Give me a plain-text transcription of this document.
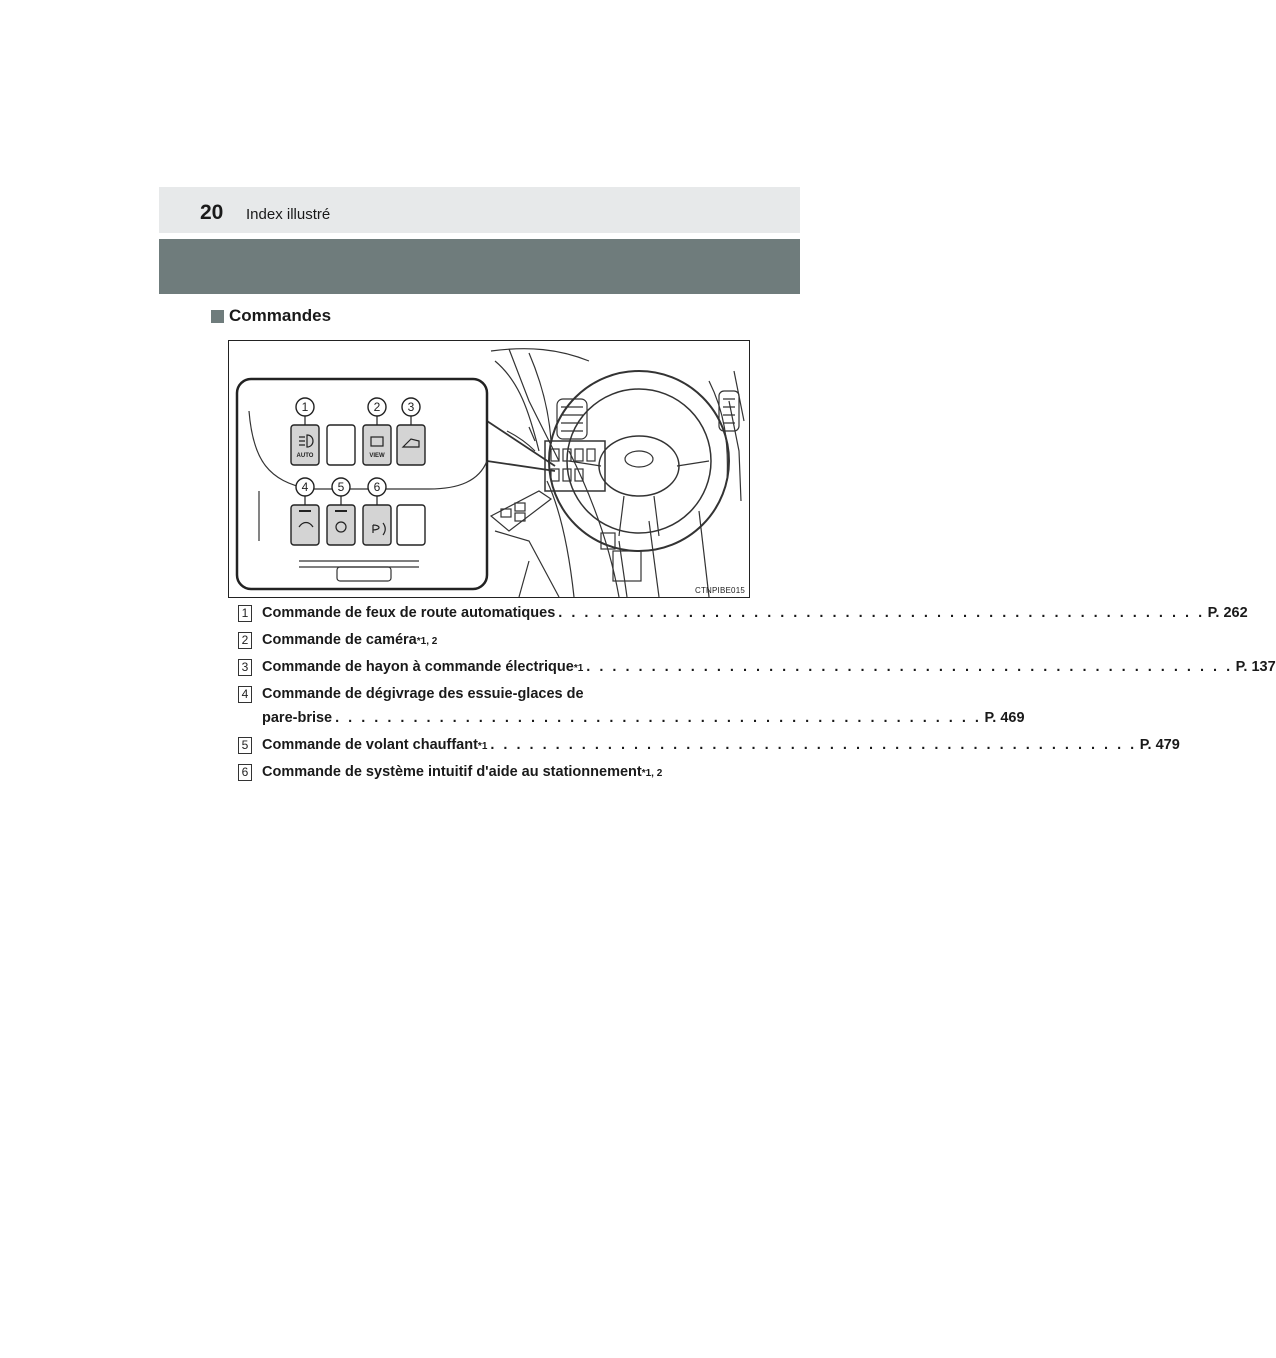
20 Index illustré
Commandes
AUTO	VIEW
1	2 3
4 5 6
CTNPIBE015
1 Commande de feux de route automatiques . . . . . . . . . . . . . . . . . . . . . . . . . . . . . . . . . . . . . . . . . . . . . . . . . . P. 262
2 Commande de caméra *1, 2
3 Commande de hayon à commande électrique *1 . . . . . . . . . . . . . . . . . . . . . . . . . . . . . . . . . . . . . . . . . . . . . . . . . . P. 137
4 Commande de dégivrage des essuie-glaces de
pare-brise . . . . . . . . . . . . . . . . . . . . . . . . . . . . . . . . . . . . . . . . . . . . . . . . . . P. 469
5 Commande de volant chauffant *1 . . . . . . . . . . . . . . . . . . . . . . . . . . . . . . . . . . . . . . . . . . . . . . . . . . P. 479
6 Commande de système intuitif d'aide au stationnement *1, 2
